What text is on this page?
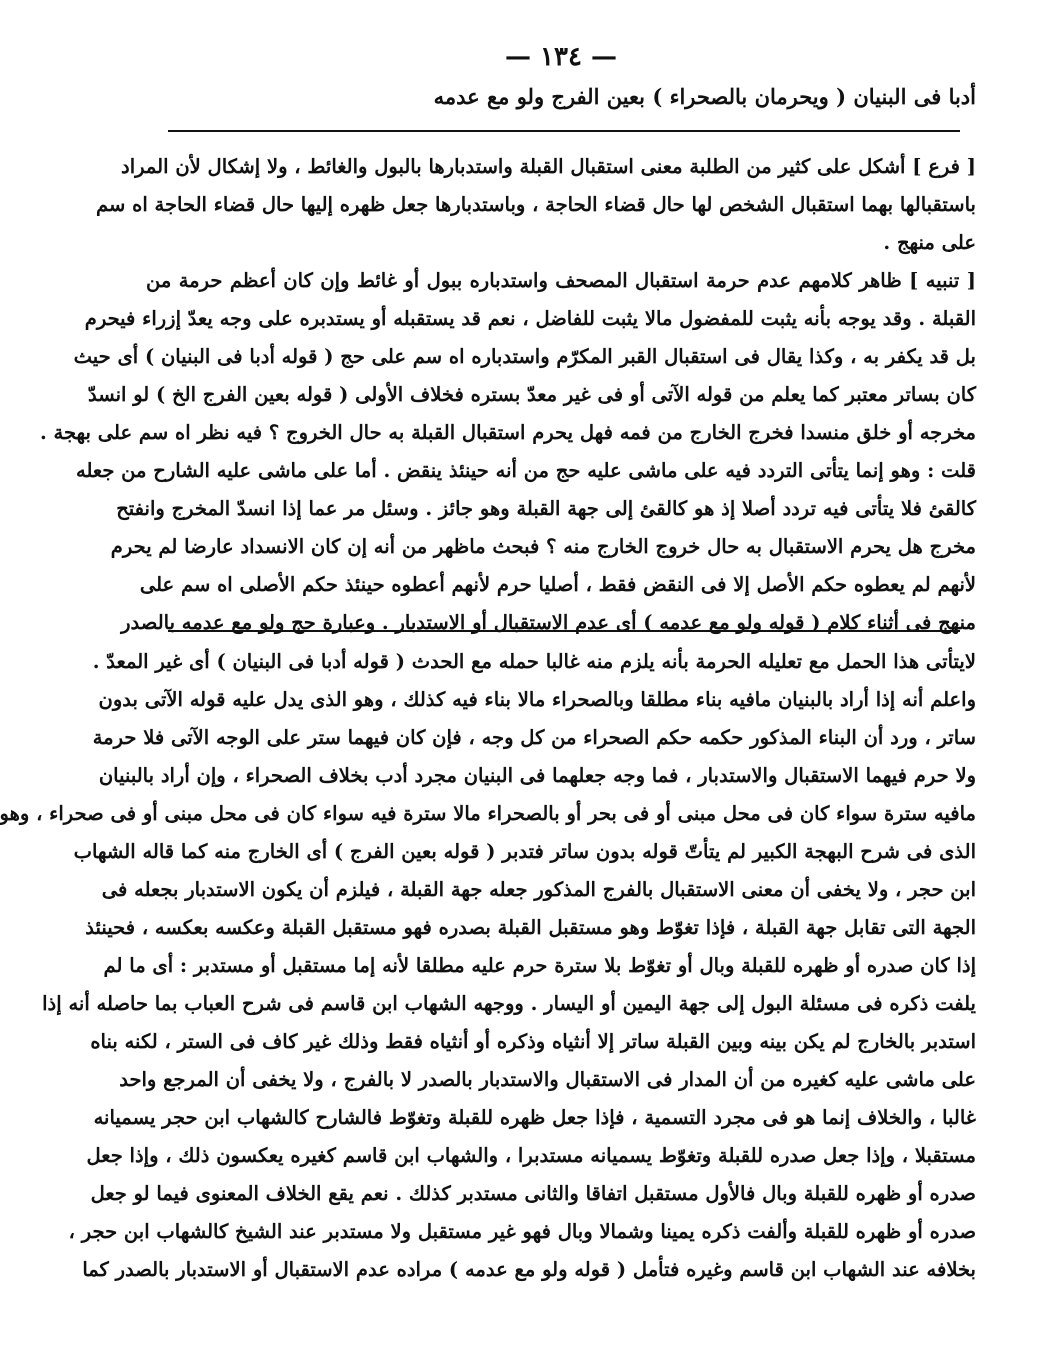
— ١٣٤ —
أدبا فى البنيان ( ويحرمان بالصحراء ) بعين الفرج ولو مع عدمه
[ فرع ] أشكل على كثير من الطلبة معنى استقبال القبلة واستدبارها بالبول والغائط ، ولا إشكال لأن المراد
باستقبالها بهما استقبال الشخص لها حال قضاء الحاجة ، وباستدبارها جعل ظهره إليها حال قضاء الحاجة اه سم
على منهج .
[ تنبيه ] ظاهر كلامهم عدم حرمة استقبال المصحف واستدباره ببول أو غائط وإن كان أعظم حرمة من
القبلة . وقد يوجه بأنه يثبت للمفضول مالا يثبت للفاضل ، نعم قد يستقبله أو يستدبره على وجه يعدّ إزراء فيحرم
بل قد يكفر به ، وكذا يقال فى استقبال القبر المكرّم واستدباره اه سم على حج ( قوله أدبا فى البنيان ) أى حيث
كان بساتر معتبر كما يعلم من قوله الآتى أو فى غير معدّ بستره فخلاف الأولى ( قوله بعين الفرج الخ ) لو انسدّ
مخرجه أو خلق منسدا فخرج الخارج من فمه فهل يحرم استقبال القبلة به حال الخروج ؟ فيه نظر اه سم على بهجة .
قلت : وهو إنما يتأتى التردد فيه على ماشى عليه حج من أنه حينئذ ينقض . أما على ماشى عليه الشارح من جعله
كالقئ فلا يتأتى فيه تردد أصلا إذ هو كالقئ إلى جهة القبلة وهو جائز . وسئل مر عما إذا انسدّ المخرج وانفتح
مخرج هل يحرم الاستقبال به حال خروج الخارج منه ؟ فبحث ماظهر من أنه إن كان الانسداد عارضا لم يحرم
لأنهم لم يعطوه حكم الأصل إلا فى النقض فقط ، أصليا حرم لأنهم أعطوه حينئذ حكم الأصلى اه سم على
منهج فى أثناء كلام ( قوله ولو مع عدمه ) أى عدم الاستقبال أو الاستدبار . وعبارة حج ولو مع عدمه بالصدر
لايتأتى هذا الحمل مع تعليله الحرمة بأنه يلزم منه غالبا حمله مع الحدث ( قوله أدبا فى البنيان ) أى غير المعدّ .
واعلم أنه إذا أراد بالبنيان مافيه بناء مطلقا وبالصحراء مالا بناء فيه كذلك ، وهو الذى يدل عليه قوله الآتى بدون
ساتر ، ورد أن البناء المذكور حكمه حكم الصحراء من كل وجه ، فإن كان فيهما ستر على الوجه الآتى فلا حرمة
ولا حرم فيهما الاستقبال والاستدبار ، فما وجه جعلهما فى البنيان مجرد أدب بخلاف الصحراء ، وإن أراد بالبنيان
مافيه سترة سواء كان فى محل مبنى أو فى بحر أو بالصحراء مالا سترة فيه سواء كان فى محل مبنى أو فى صحراء ، وهو
الذى فى شرح البهجة الكبير لم يتأتّ قوله بدون ساتر فتدبر ( قوله بعين الفرج ) أى الخارج منه كما قاله الشهاب
ابن حجر ، ولا يخفى أن معنى الاستقبال بالفرج المذكور جعله جهة القبلة ، فيلزم أن يكون الاستدبار بجعله فى
الجهة التى تقابل جهة القبلة ، فإذا تغوّط وهو مستقبل القبلة بصدره فهو مستقبل القبلة وعكسه بعكسه ، فحينئذ
إذا كان صدره أو ظهره للقبلة وبال أو تغوّط بلا سترة حرم عليه مطلقا لأنه إما مستقبل أو مستدبر : أى ما لم
يلفت ذكره فى مسئلة البول إلى جهة اليمين أو اليسار . ووجهه الشهاب ابن قاسم فى شرح العباب بما حاصله أنه إذا
استدبر بالخارج لم يكن بينه وبين القبلة ساتر إلا أنثياه وذكره أو أنثياه فقط وذلك غير كاف فى الستر ، لكنه بناه
على ماشى عليه كغيره من أن المدار فى الاستقبال والاستدبار بالصدر لا بالفرج ، ولا يخفى أن المرجع واحد
غالبا ، والخلاف إنما هو فى مجرد التسمية ، فإذا جعل ظهره للقبلة وتغوّط فالشارح كالشهاب ابن حجر يسميانه
مستقبلا ، وإذا جعل صدره للقبلة وتغوّط يسميانه مستدبرا ، والشهاب ابن قاسم كغيره يعكسون ذلك ، وإذا جعل
صدره أو ظهره للقبلة وبال فالأول مستقبل اتفاقا والثانى مستدبر كذلك . نعم يقع الخلاف المعنوى فيما لو جعل
صدره أو ظهره للقبلة وألفت ذكره يمينا وشمالا وبال فهو غير مستقبل ولا مستدبر عند الشيخ كالشهاب ابن حجر ،
بخلافه عند الشهاب ابن قاسم وغيره فتأمل ( قوله ولو مع عدمه ) مراده عدم الاستقبال أو الاستدبار بالصدر كما
